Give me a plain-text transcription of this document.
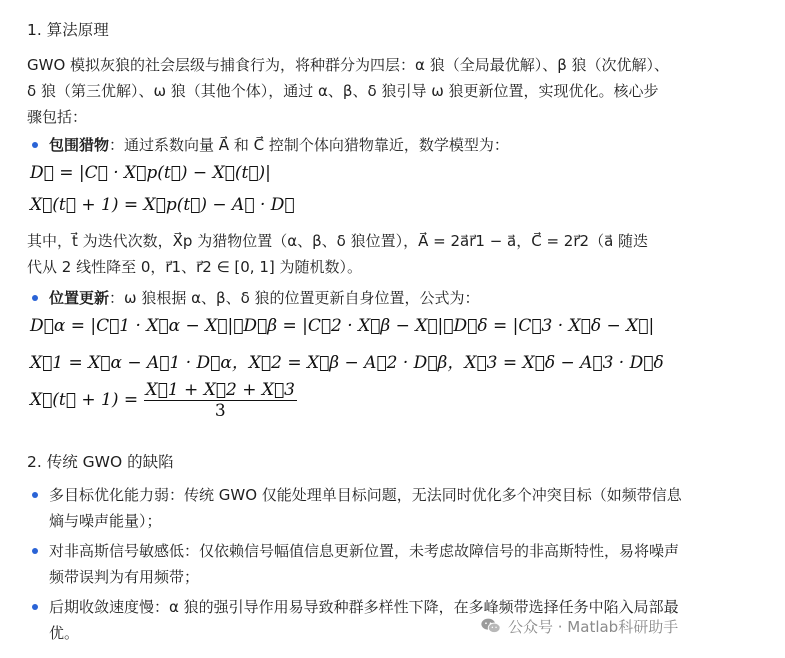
1. 算法原理
GWO 模拟灰狼的社会层级与捕食行为，将种群分为四层：α 狼（全局最优解）、β 狼（次优解）、
δ 狼（第三优解）、ω 狼（其他个体），通过 α、β、δ 狼引导 ω 狼更新位置，实现优化。核心步
骤包括：
包围猎物：通过系数向量 A⃗ 和 C⃗ 控制个体向猎物靠近，数学模型为：
D⃗ = |C⃗ · X⃗p(t⃗) − X⃗(t⃗)|
X⃗(t⃗ + 1) = X⃗p(t⃗) − A⃗ · D⃗
其中，t⃗ 为迭代次数，X⃗p 为猎物位置（α、β、δ 狼位置），A⃗ = 2a⃗r⃗1 − a⃗，C⃗ = 2r⃗2（a⃗ 随迭
代从 2 线性降至 0，r⃗1、r⃗2 ∈ [0, 1] 为随机数）。
位置更新：ω 狼根据 α、β、δ 狼的位置更新自身位置，公式为：
D⃗α = |C⃗1 · X⃗α − X⃗|，D⃗β = |C⃗2 · X⃗β − X⃗|，D⃗δ = |C⃗3 · X⃗δ − X⃗|
X⃗1 = X⃗α − A⃗1 · D⃗α，X⃗2 = X⃗β − A⃗2 · D⃗β，X⃗3 = X⃗δ − A⃗3 · D⃗δ
X⃗(t⃗ + $1) = \frac{X⃗1 + X⃗2 + X⃗3}{3}$
2. 传统 GWO 的缺陷
多目标优化能力弱：传统 GWO 仅能处理单目标问题，无法同时优化多个冲突目标（如频带信息
熵与噪声能量）；
对非高斯信号敏感低：仅依赖信号幅值信息更新位置，未考虑故障信号的非高斯特性，易将噪声
频带误判为有用频带；
后期收敛速度慢：α 狼的强引导作用易导致种群多样性下降，在多峰频带选择任务中陷入局部最
优。	公众号 · Matlab科研助手
